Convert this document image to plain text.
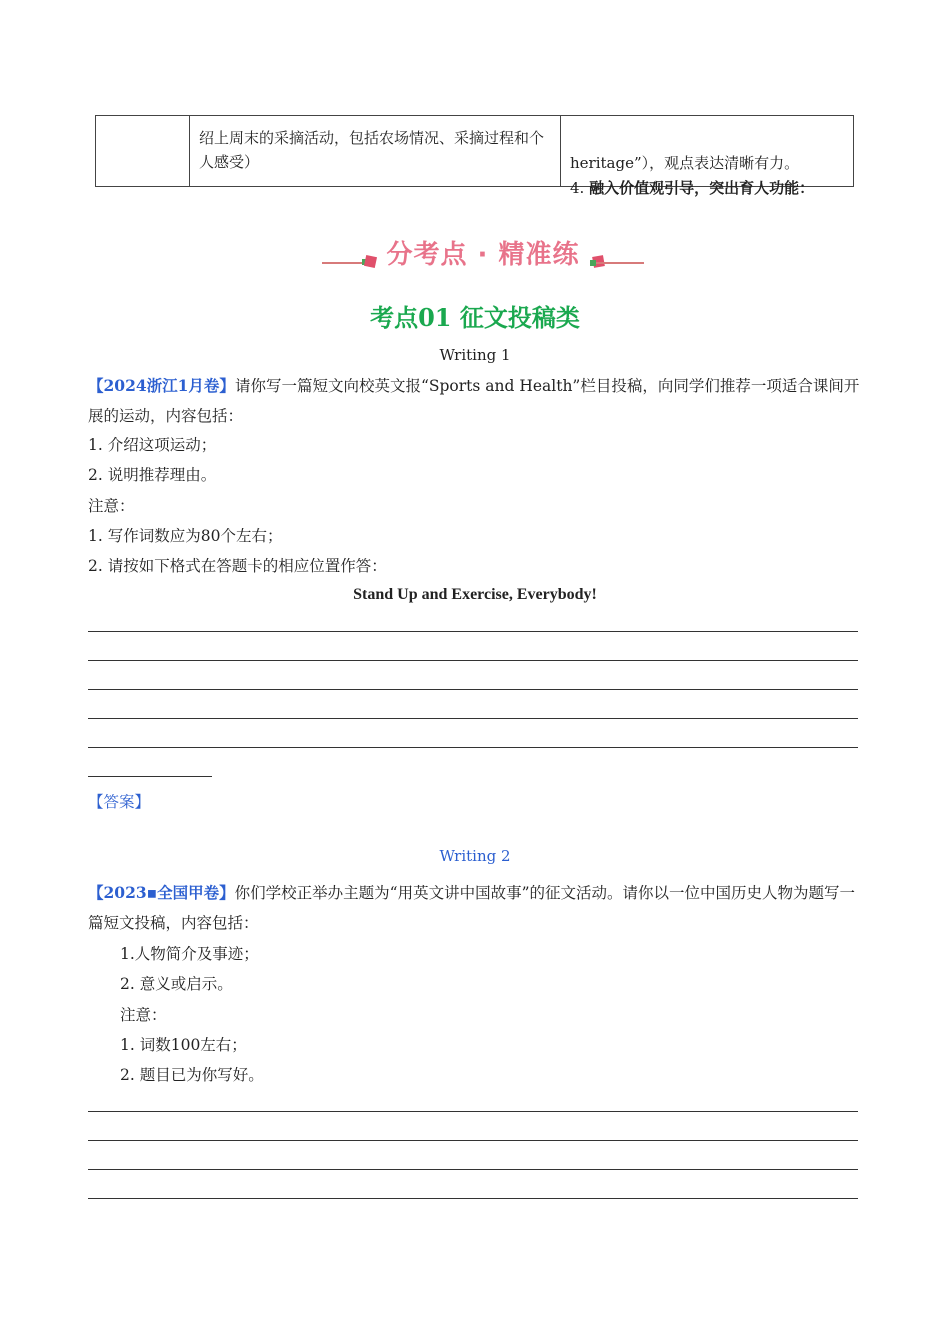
绍上周末的采摘活动，包括农场情况、采摘过程和个人感受）	heritage”），观点表达清晰有力。
4. 融入价值观引导，突出育人功能：
分考点 · 精准练
考点01 征文投稿类
Writing 1
【2024浙江1月卷】请你写一篇短文向校英文报“Sports and Health”栏目投稿，向同学们推荐一项适合课间开展的运动，内容包括：
1. 介绍这项运动；
2. 说明推荐理由。
注意：
1. 写作词数应为80个左右；
2. 请按如下格式在答题卡的相应位置作答：
Stand Up and Exercise, Everybody!
【答案】
Writing 2
【2023▪全国甲卷】你们学校正举办主题为“用英文讲中国故事”的征文活动。请你以一位中国历史人物为题写一篇短文投稿，内容包括：
1.人物简介及事迹；
2. 意义或启示。
注意：
1. 词数100左右；
2. 题目已为你写好。
